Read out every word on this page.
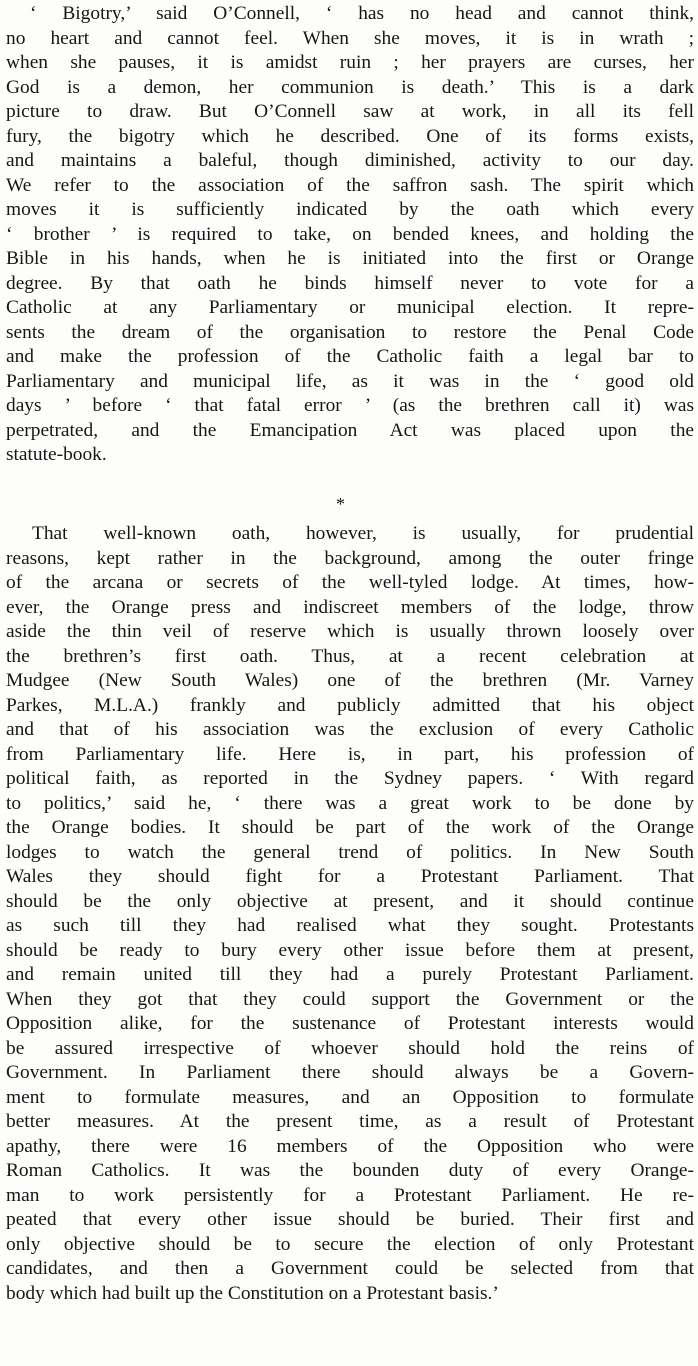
‘ Bigotry,’ said O’Connell, ‘ has no head and cannot think,
no heart and cannot feel. When she moves, it is in wrath ;
when she pauses, it is amidst ruin ; her prayers are curses, her
God is a demon, her communion is death.’ This is a dark
picture to draw. But O’Connell saw at work, in all its fell
fury, the bigotry which he described. One of its forms exists,
and maintains a baleful, though diminished, activity to our day.
We refer to the association of the saffron sash. The spirit which
moves it is sufficiently indicated by the oath which every
‘ brother ’ is required to take, on bended knees, and holding the
Bible in his hands, when he is initiated into the first or Orange
degree. By that oath he binds himself never to vote for a
Catholic at any Parliamentary or municipal election. It repre-
sents the dream of the organisation to restore the Penal Code
and make the profession of the Catholic faith a legal bar to
Parliamentary and municipal life, as it was in the ‘ good old
days ’ before ‘ that fatal error ’ (as the brethren call it) was
perpetrated, and the Emancipation Act was placed upon the
statute-book.
*
That well-known oath, however, is usually, for prudential
reasons, kept rather in the background, among the outer fringe
of the arcana or secrets of the well-tyled lodge. At times, how-
ever, the Orange press and indiscreet members of the lodge, throw
aside the thin veil of reserve which is usually thrown loosely over
the brethren’s first oath. Thus, at a recent celebration at
Mudgee (New South Wales) one of the brethren (Mr. Varney
Parkes, M.L.A.) frankly and publicly admitted that his object
and that of his association was the exclusion of every Catholic
from Parliamentary life. Here is, in part, his profession of
political faith, as reported in the Sydney papers. ‘ With regard
to politics,’ said he, ‘ there was a great work to be done by
the Orange bodies. It should be part of the work of the Orange
lodges to watch the general trend of politics. In New South
Wales they should fight for a Protestant Parliament. That
should be the only objective at present, and it should continue
as such till they had realised what they sought. Protestants
should be ready to bury every other issue before them at present,
and remain united till they had a purely Protestant Parliament.
When they got that they could support the Government or the
Opposition alike, for the sustenance of Protestant interests would
be assured irrespective of whoever should hold the reins of
Government. In Parliament there should always be a Govern-
ment to formulate measures, and an Opposition to formulate
better measures. At the present time, as a result of Protestant
apathy, there were 16 members of the Opposition who were
Roman Catholics. It was the bounden duty of every Orange-
man to work persistently for a Protestant Parliament. He re-
peated that every other issue should be buried. Their first and
only objective should be to secure the election of only Protestant
candidates, and then a Government could be selected from that
body which had built up the Constitution on a Protestant basis.’
